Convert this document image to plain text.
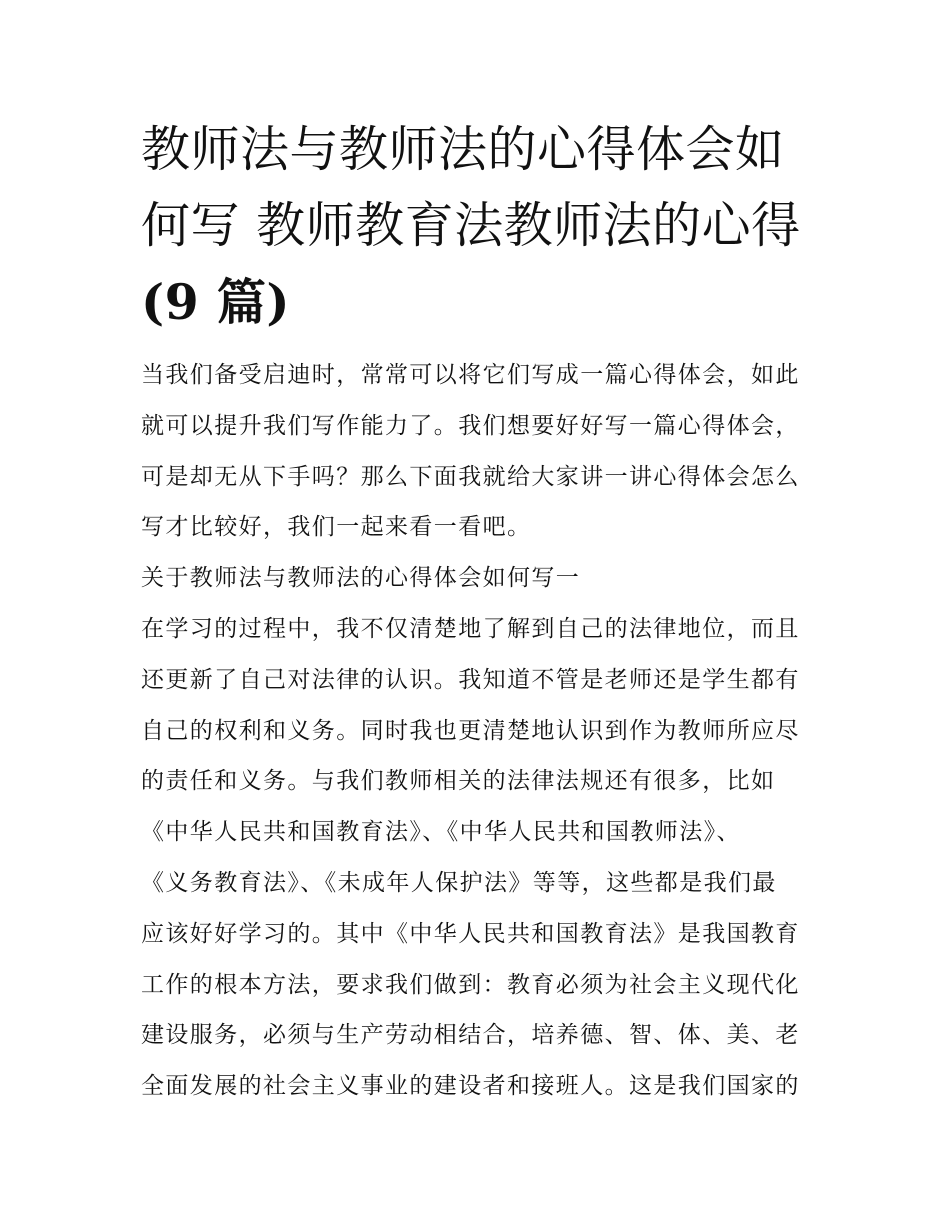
教师法与教师法的心得体会如
何写 教师教育法教师法的心得
(9 篇)
当我们备受启迪时，常常可以将它们写成一篇心得体会，如此
就可以提升我们写作能力了。我们想要好好写一篇心得体会，
可是却无从下手吗？那么下面我就给大家讲一讲心得体会怎么
写才比较好，我们一起来看一看吧。
关于教师法与教师法的心得体会如何写一
在学习的过程中，我不仅清楚地了解到自己的法律地位，而且
还更新了自己对法律的认识。我知道不管是老师还是学生都有
自己的权利和义务。同时我也更清楚地认识到作为教师所应尽
的责任和义务。与我们教师相关的法律法规还有很多，比如
《中华人民共和国教育法》、《中华人民共和国教师法》、
《义务教育法》、《未成年人保护法》等等，这些都是我们最
应该好好学习的。其中《中华人民共和国教育法》是我国教育
工作的根本方法，要求我们做到：教育必须为社会主义现代化
建设服务，必须与生产劳动相结合，培养德、智、体、美、老
全面发展的社会主义事业的建设者和接班人。这是我们国家的
